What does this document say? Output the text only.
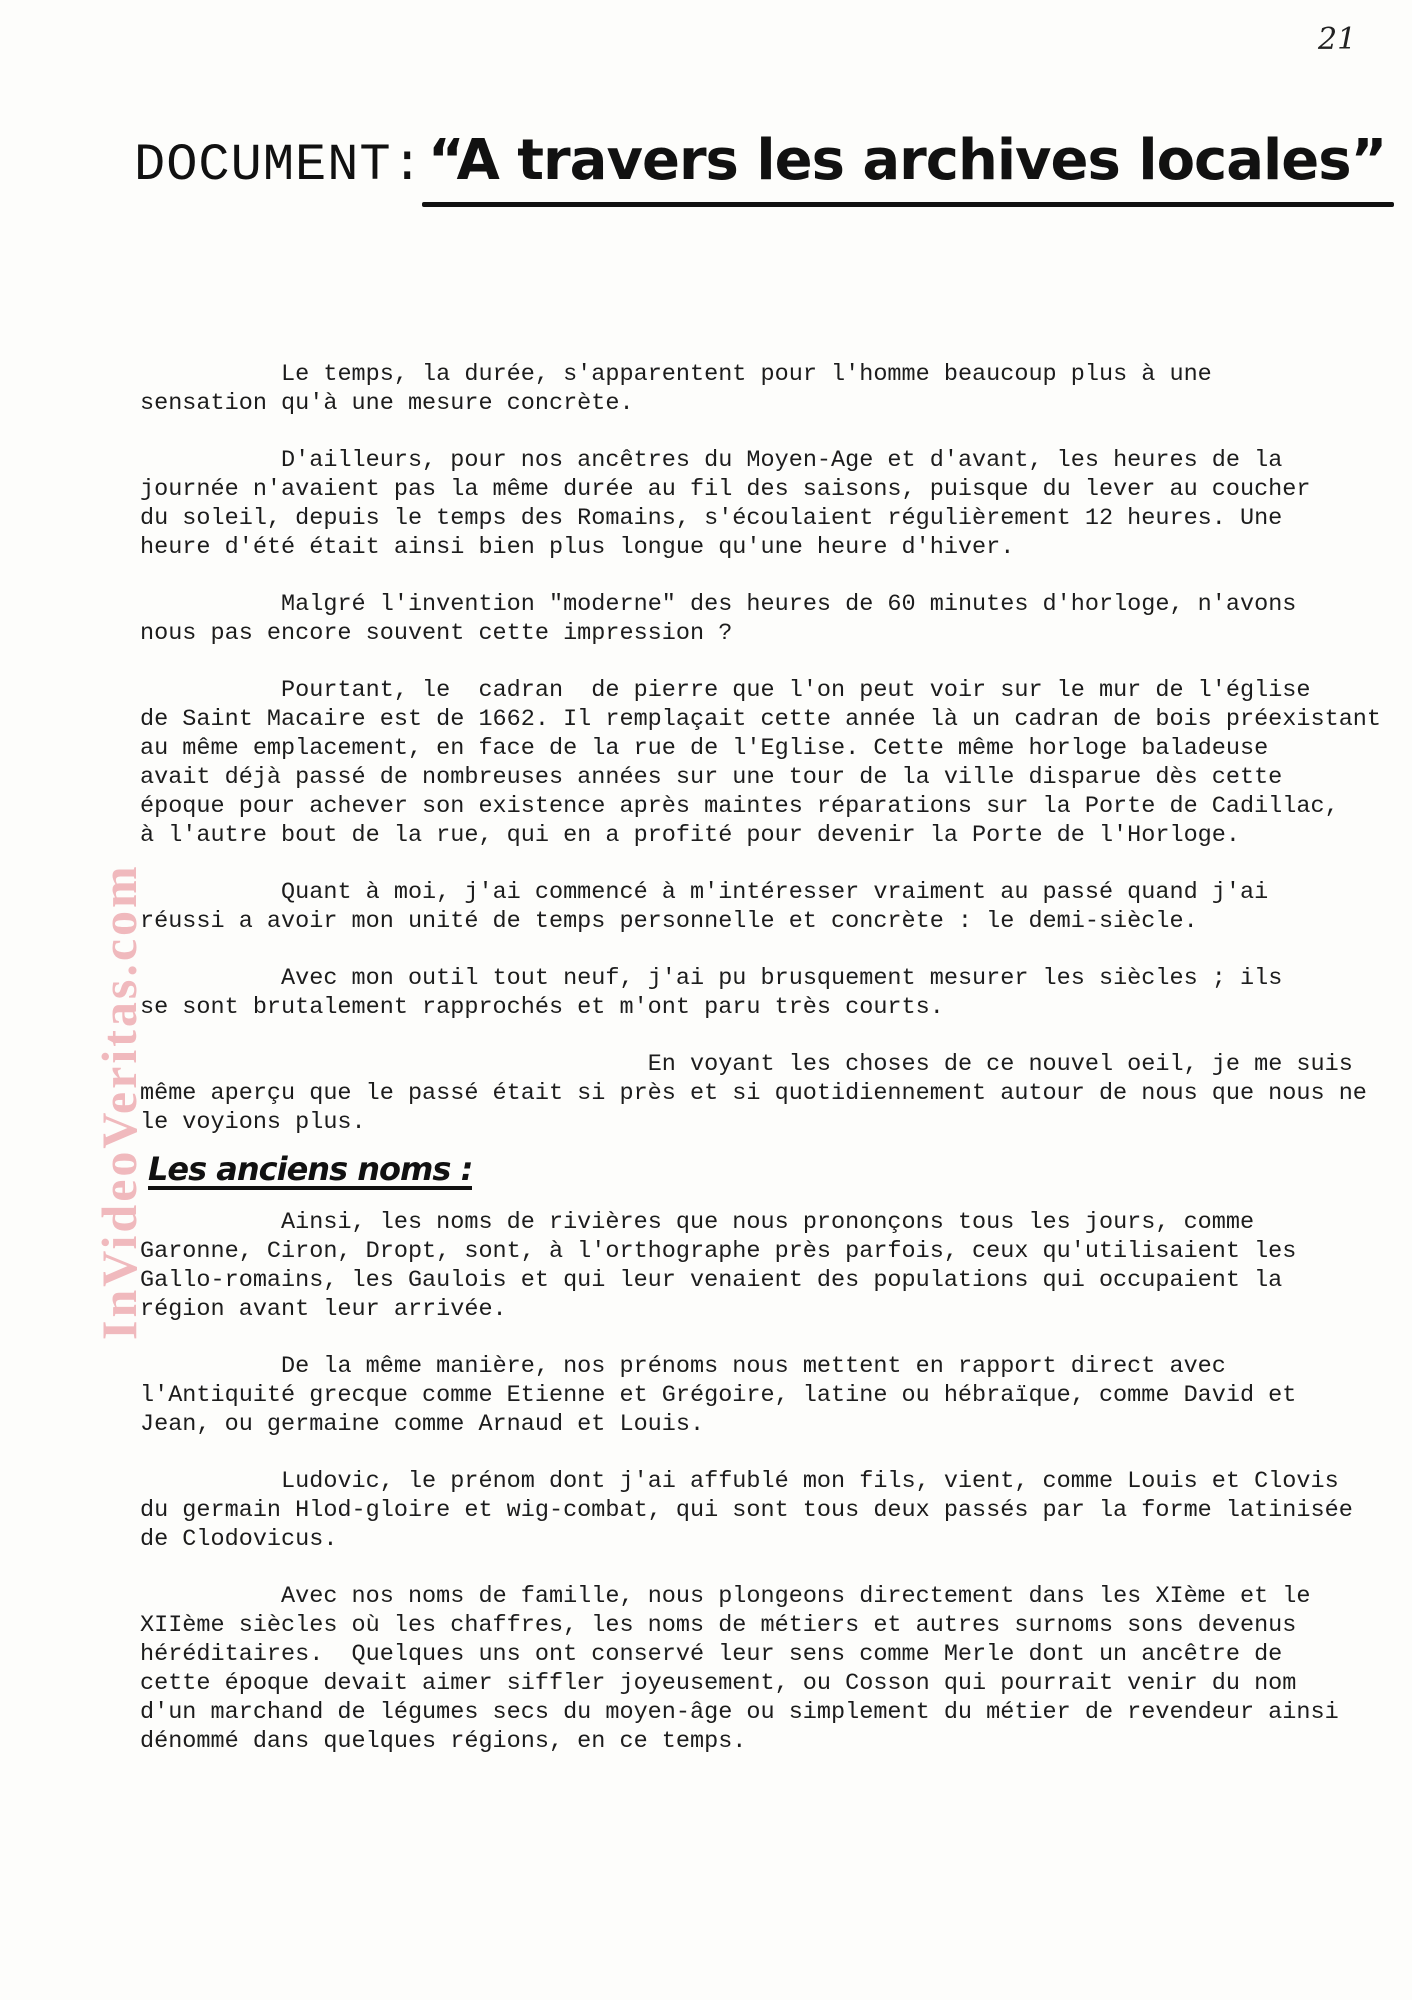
21
DOCUMENT: “A travers les archives locales”

Le temps, la durée, s'apparentent pour l'homme beaucoup plus à une
sensation qu'à une mesure concrète.

D'ailleurs, pour nos ancêtres du Moyen-Age et d'avant, les heures de la
journée n'avaient pas la même durée au fil des saisons, puisque du lever au coucher
du soleil, depuis le temps des Romains, s'écoulaient régulièrement 12 heures. Une
heure d'été était ainsi bien plus longue qu'une heure d'hiver.

Malgré l'invention "moderne" des heures de 60 minutes d'horloge, n'avons
nous pas encore souvent cette impression ?

Pourtant, le  cadran  de pierre que l'on peut voir sur le mur de l'église
de Saint Macaire est de 1662. Il remplaçait cette année là un cadran de bois préexistant
au même emplacement, en face de la rue de l'Eglise. Cette même horloge baladeuse
avait déjà passé de nombreuses années sur une tour de la ville disparue dès cette
époque pour achever son existence après maintes réparations sur la Porte de Cadillac,
à l'autre bout de la rue, qui en a profité pour devenir la Porte de l'Horloge.

Quant à moi, j'ai commencé à m'intéresser vraiment au passé quand j'ai
réussi a avoir mon unité de temps personnelle et concrète : le demi-siècle.

Avec mon outil tout neuf, j'ai pu brusquement mesurer les siècles ; ils
se sont brutalement rapprochés et m'ont paru très courts.

En voyant les choses de ce nouvel oeil, je me suis
même aperçu que le passé était si près et si quotidiennement autour de nous que nous ne
le voyions plus.

Les anciens noms :

Ainsi, les noms de rivières que nous prononçons tous les jours, comme
Garonne, Ciron, Dropt, sont, à l'orthographe près parfois, ceux qu'utilisaient les
Gallo-romains, les Gaulois et qui leur venaient des populations qui occupaient la
région avant leur arrivée.

De la même manière, nos prénoms nous mettent en rapport direct avec
l'Antiquité grecque comme Etienne et Grégoire, latine ou hébraïque, comme David et
Jean, ou germaine comme Arnaud et Louis.

Ludovic, le prénom dont j'ai affublé mon fils, vient, comme Louis et Clovis
du germain Hlod-gloire et wig-combat, qui sont tous deux passés par la forme latinisée
de Clodovicus.

Avec nos noms de famille, nous plongeons directement dans les XIème et le
XIIème siècles où les chaffres, les noms de métiers et autres surnoms sons devenus
héréditaires.  Quelques uns ont conservé leur sens comme Merle dont un ancêtre de
cette époque devait aimer siffler joyeusement, ou Cosson qui pourrait venir du nom
d'un marchand de légumes secs du moyen-âge ou simplement du métier de revendeur ainsi
dénommé dans quelques régions, en ce temps.

InVideoVeritas.com
